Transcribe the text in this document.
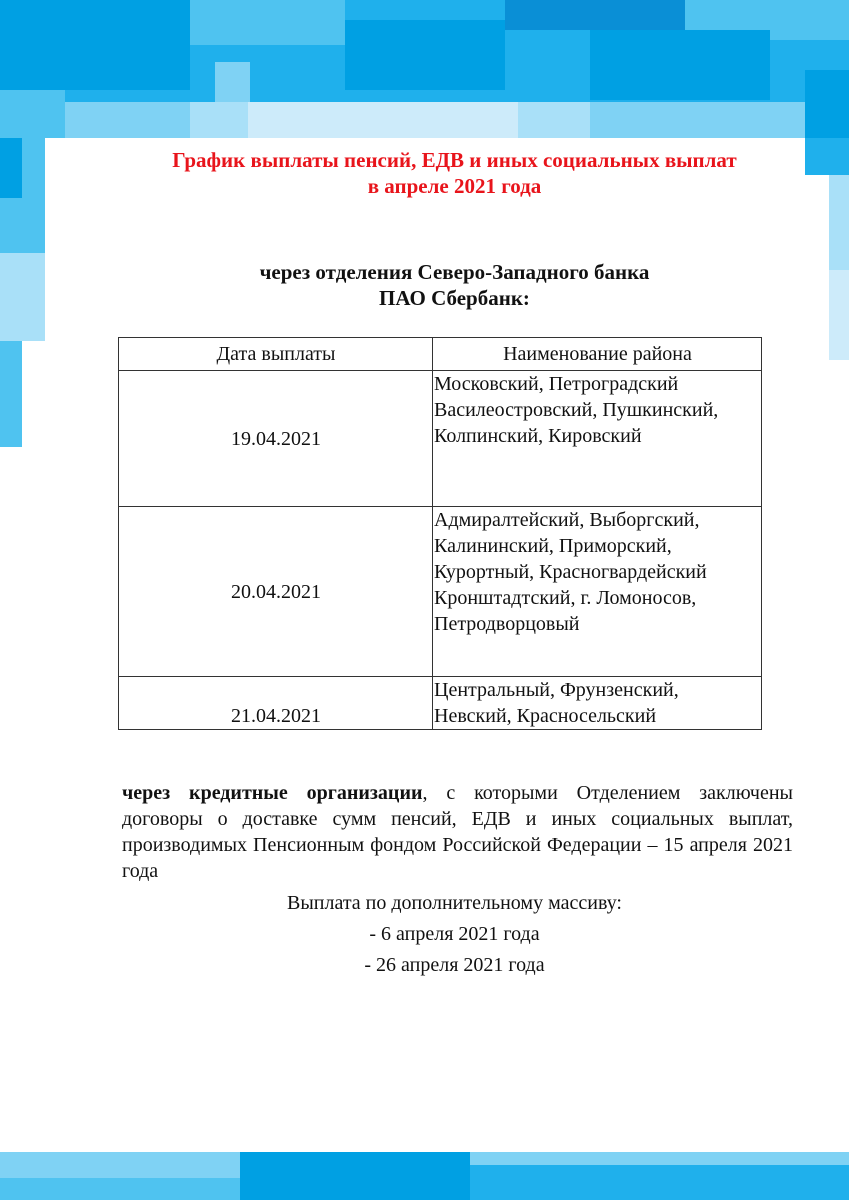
График выплаты пенсий, ЕДВ и иных социальных выплат
в апреле 2021 года
через отделения Северо-Западного банка
ПАО Сбербанк:
Дата выплаты	Наименование района
19.04.2021	Московский, Петроградский
Василеостровский, Пушкинский,
Колпинский, Кировский

20.04.2021	Адмиралтейский, Выборгский,
Калининский, Приморский,
Курортный, Красногвардейский
Кронштадтский, г. Ломоносов,
Петродворцовый

21.04.2021	Центральный, Фрунзенский,
Невский, Красносельский

через кредитные организации, с которыми Отделением заключены договоры о доставке сумм пенсий, ЕДВ и иных социальных выплат, производимых Пенсионным фондом Российской Федерации – 15 апреля 2021 года

Выплата по дополнительному массиву:
- 6 апреля 2021 года
- 26 апреля 2021 года
